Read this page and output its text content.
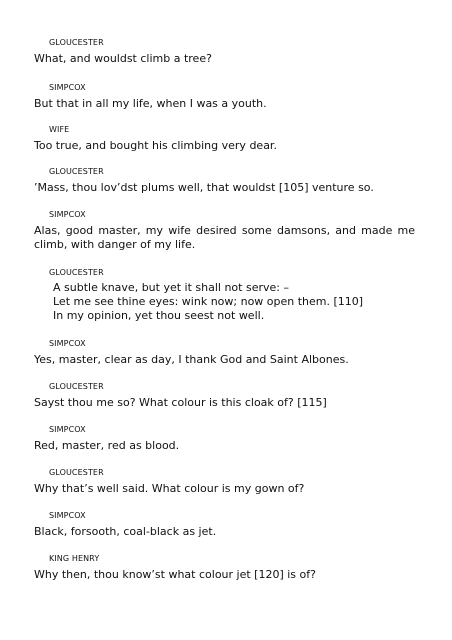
GLOUCESTER
What, and wouldst climb a tree?
SIMPCOX
But that in all my life, when I was a youth.
WIFE
Too true, and bought his climbing very dear.
GLOUCESTER
’Mass, thou lov’dst plums well, that wouldst [105] venture so.
SIMPCOX
Alas, good master, my wife desired some damsons, and made me climb, with danger of my life.
GLOUCESTER
A subtle knave, but yet it shall not serve: –
Let me see thine eyes: wink now; now open them. [110]
In my opinion, yet thou seest not well.
SIMPCOX
Yes, master, clear as day, I thank God and Saint Albones.
GLOUCESTER
Sayst thou me so? What colour is this cloak of? [115]
SIMPCOX
Red, master, red as blood.
GLOUCESTER
Why that’s well said. What colour is my gown of?
SIMPCOX
Black, forsooth, coal-black as jet.
KING HENRY
Why then, thou know’st what colour jet [120] is of?
